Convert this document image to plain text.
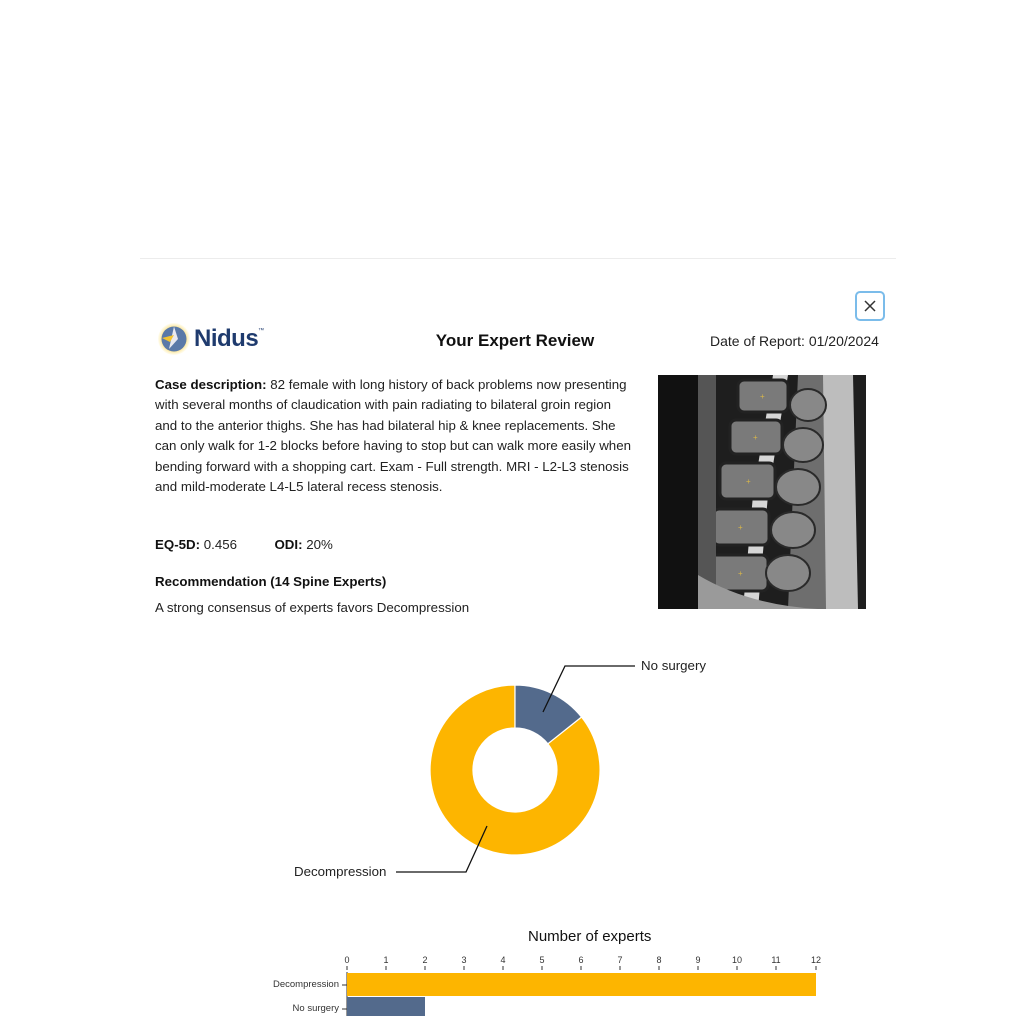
Nidus ™	Your Expert Review	Date of Report: 01/20/2024
Case description: 82 female with long history of back problems now presenting with several months of claudication with pain radiating to bilateral groin region and to the anterior thighs. She has had bilateral hip & knee replacements. She can only walk for 1-2 blocks before having to stop but can walk more easily when bending forward with a shopping cart. Exam - Full strength. MRI - L2-L3 stenosis and mild-moderate L4-L5 lateral recess stenosis.
EQ-5D: 0.456	ODI: 20%
Recommendation (14 Spine Experts)
A strong consensus of experts favors Decompression
+
+
+
+
+
No surgery
Decompression
Number of experts
0	1	2	3	4	5	6	7	8	9	10	11	12
Decompression
No surgery
